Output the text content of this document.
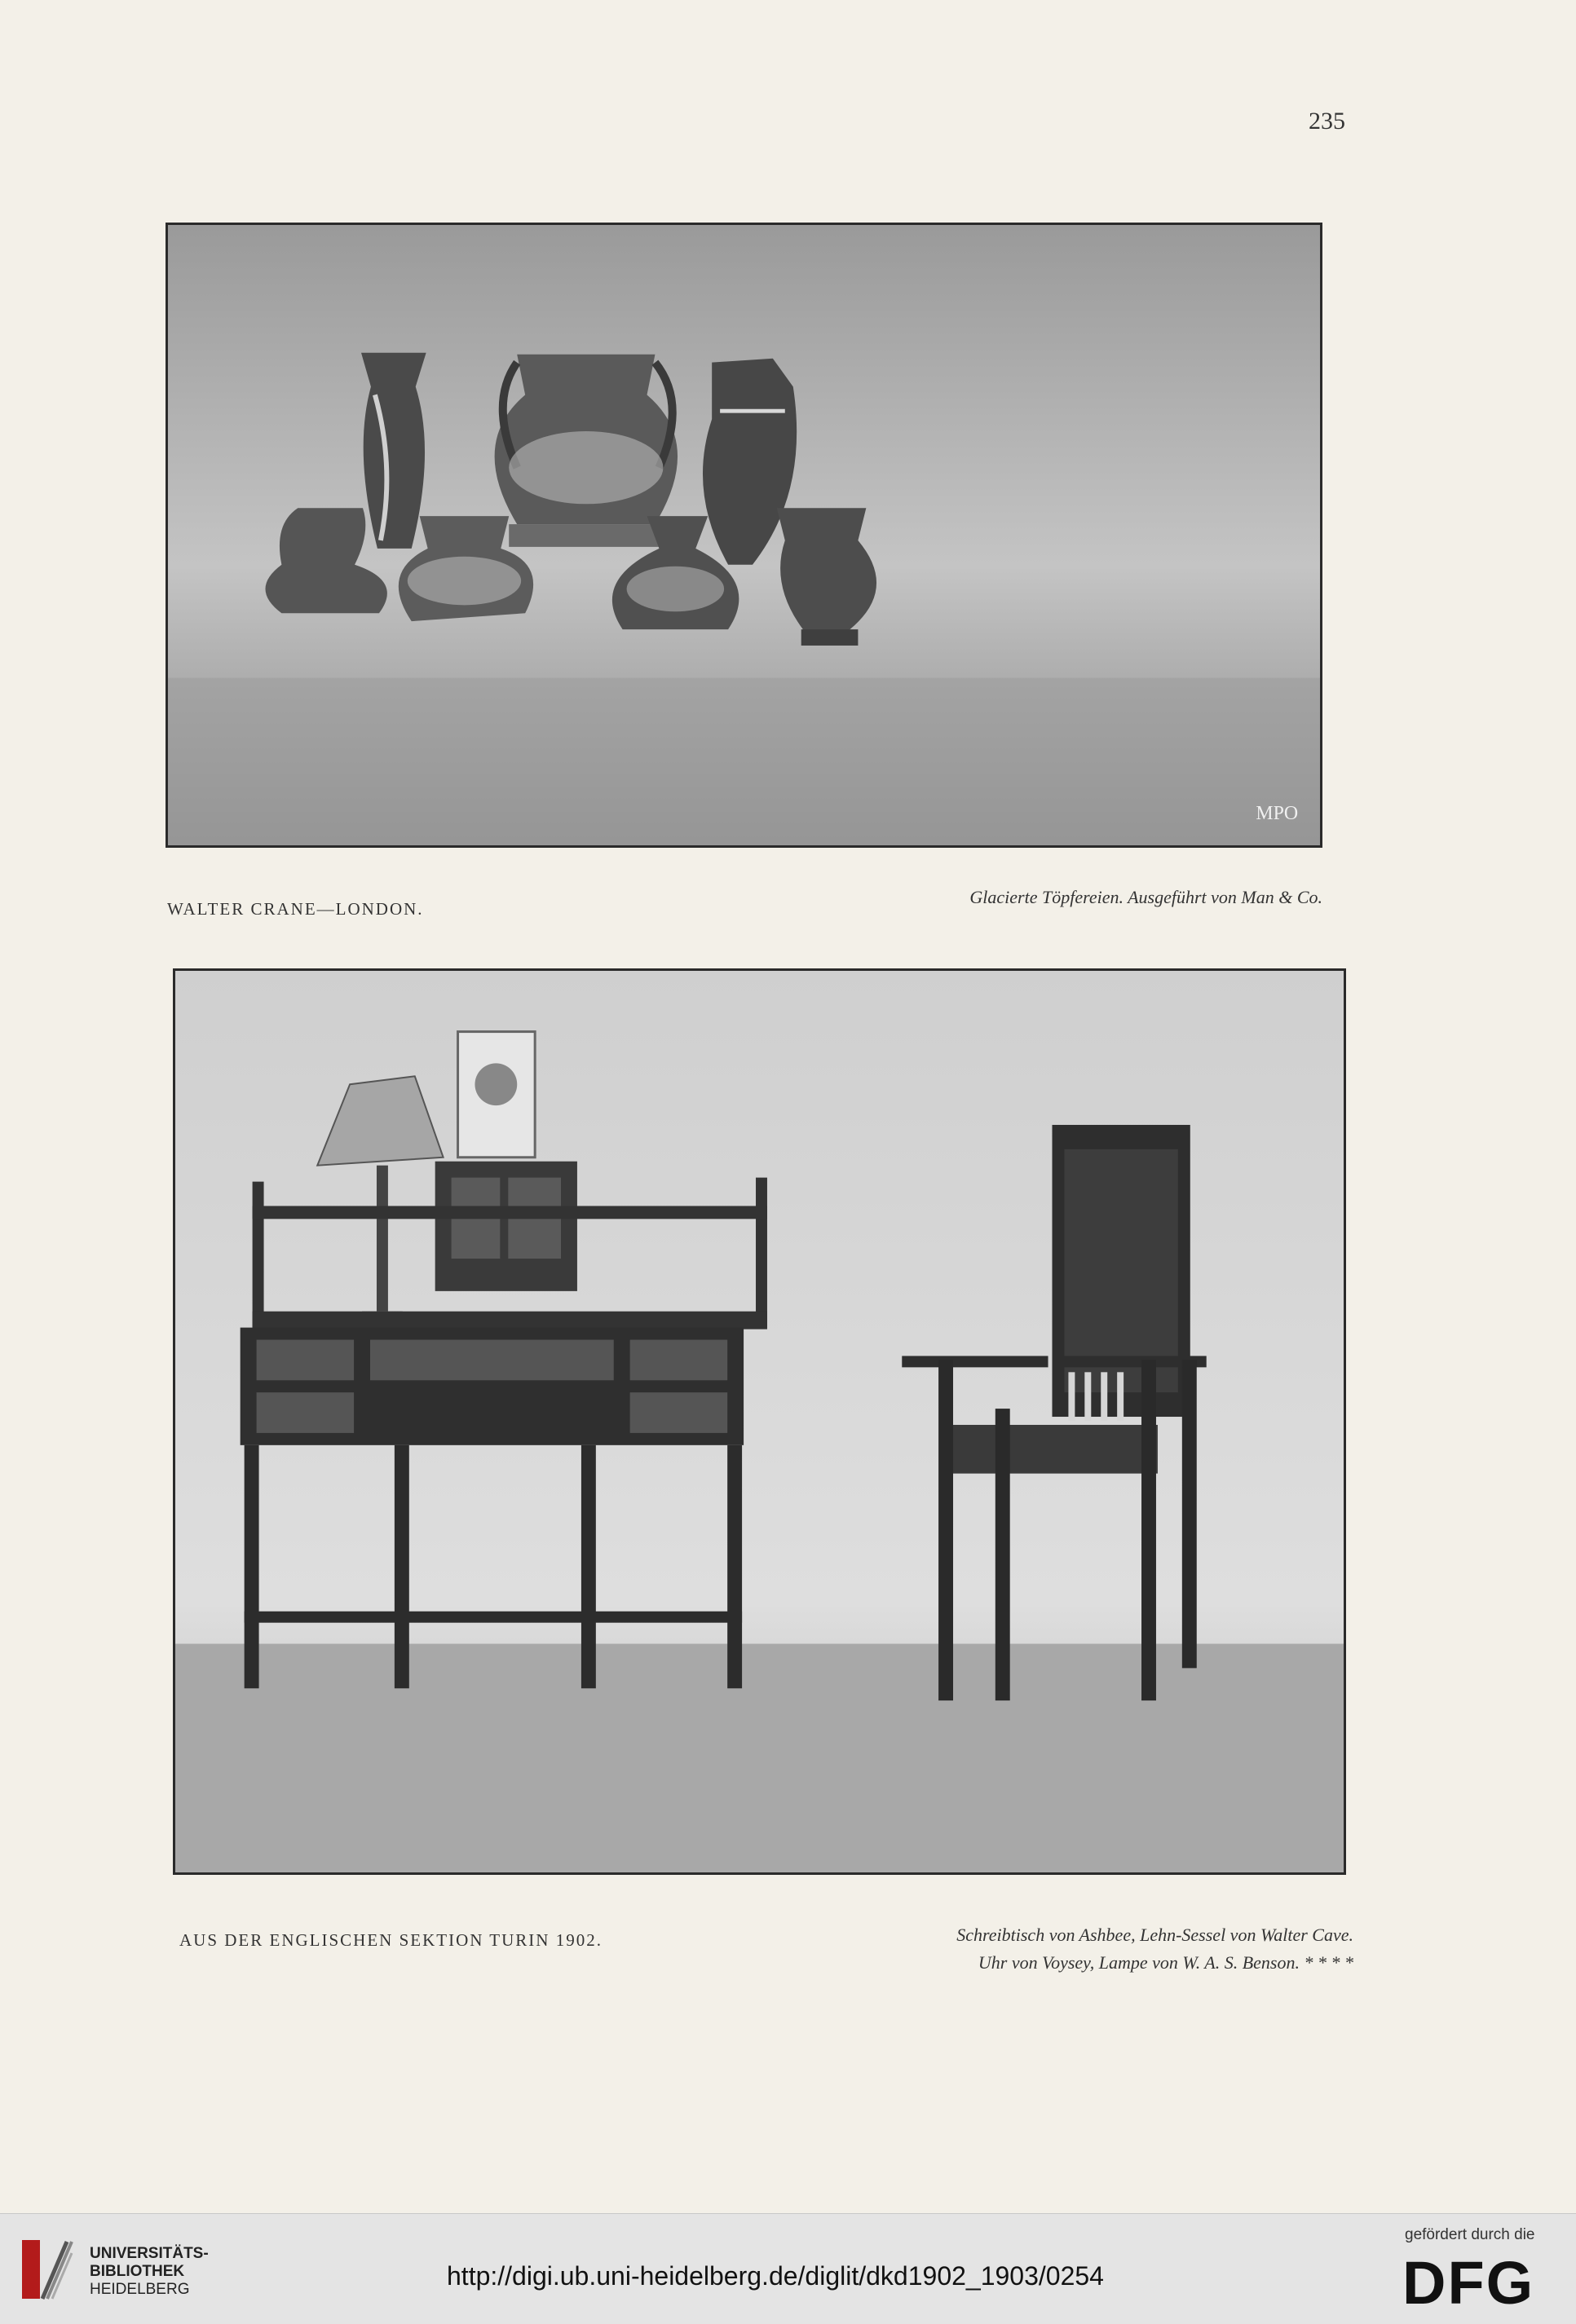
235
MPO
WALTER CRANE—LONDON.
Glacierte Töpfereien. Ausgeführt von Man & Co.
AUS DER ENGLISCHEN SEKTION TURIN 1902.	Schreibtisch von Ashbee, Lehn-Sessel von Walter Cave.
Uhr von Voysey, Lampe von W. A. S. Benson. * * * *
UNIVERSITÄTS-
BIBLIOTHEK
HEIDELBERG	http://digi.ub.uni-heidelberg.de/diglit/dkd1902_1903/0254
gefördert durch die
DFG
